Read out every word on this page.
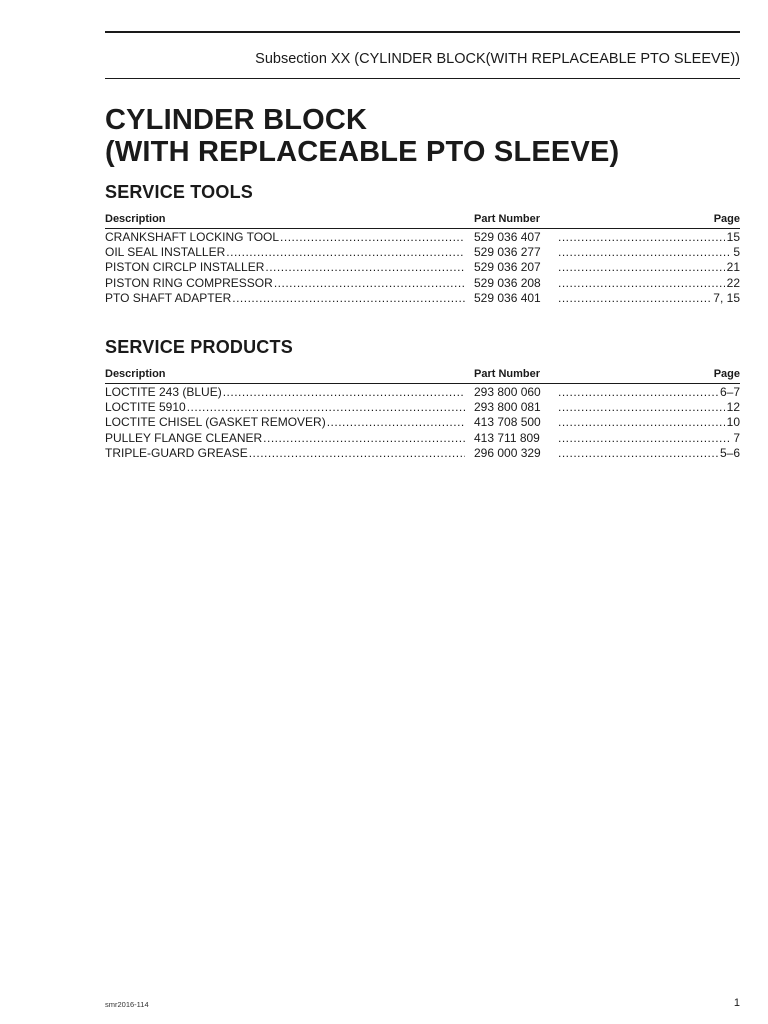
Subsection XX (CYLINDER BLOCK(WITH REPLACEABLE PTO SLEEVE))
CYLINDER BLOCK
(WITH REPLACEABLE PTO SLEEVE)
SERVICE TOOLS
Description	Part Number	Page
CRANKSHAFT LOCKING TOOL .....	529 036 407 .....	15
OIL SEAL INSTALLER .....	529 036 277 .....	5
PISTON CIRCLP INSTALLER .....	529 036 207 .....	21
PISTON RING COMPRESSOR .....	529 036 208 .....	22
PTO SHAFT ADAPTER .....	529 036 401 .....	7, 15
SERVICE PRODUCTS
Description	Part Number	Page
LOCTITE 243 (BLUE) .....	293 800 060 .....	6–7
LOCTITE 5910 .....	293 800 081 .....	12
LOCTITE CHISEL (GASKET REMOVER) .....	413 708 500 .....	10
PULLEY FLANGE CLEANER .....	413 711 809 .....	7
TRIPLE-GUARD GREASE .....	296 000 329 .....	5–6
smr2016-114	1
